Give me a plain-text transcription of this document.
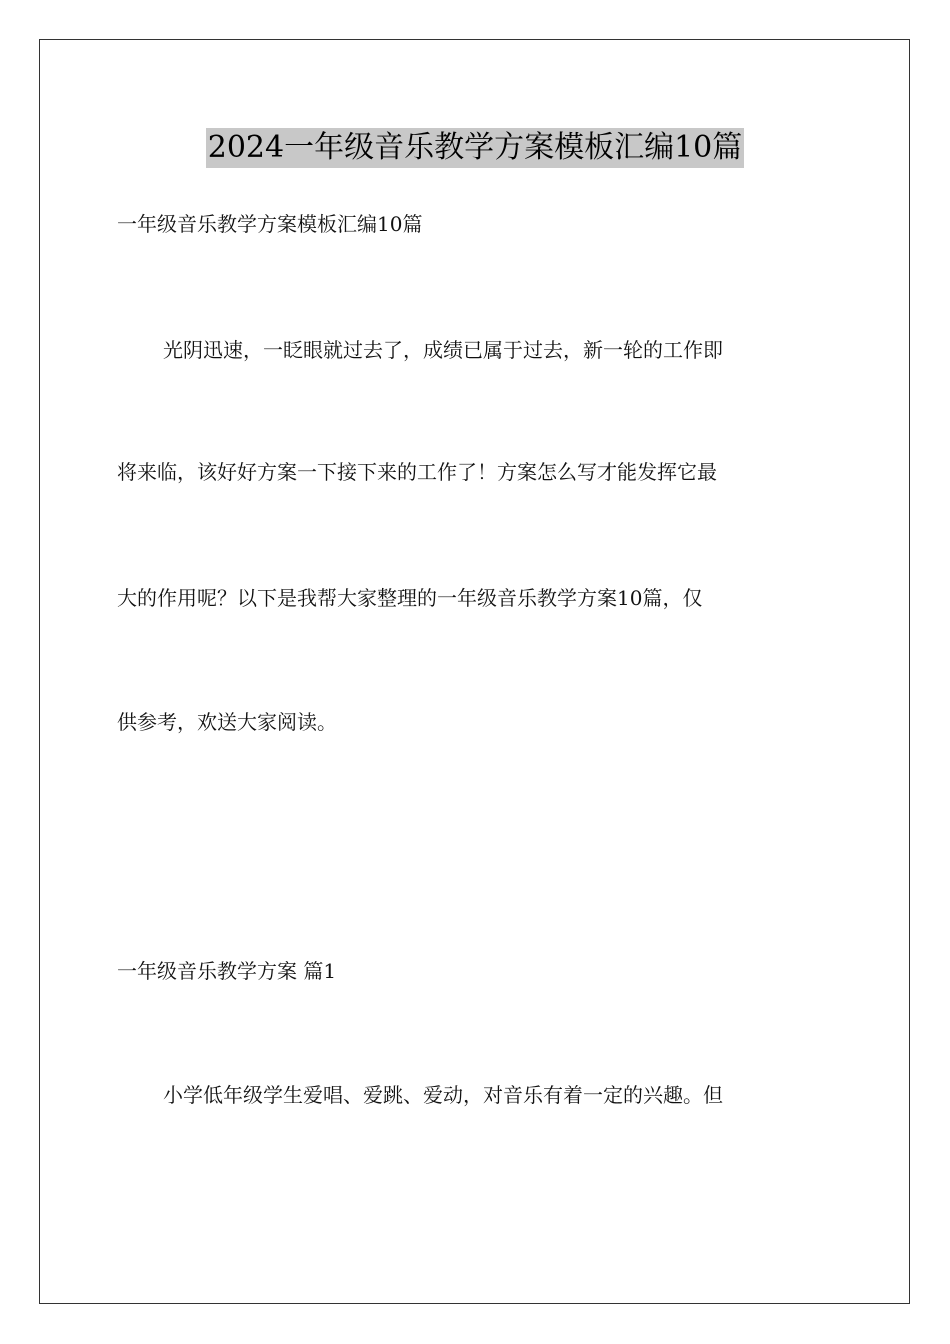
2024一年级音乐教学方案模板汇编10篇
一年级音乐教学方案模板汇编10篇
光阴迅速，一眨眼就过去了，成绩已属于过去，新一轮的工作即
将来临，该好好方案一下接下来的工作了！方案怎么写才能发挥它最
大的作用呢？以下是我帮大家整理的一年级音乐教学方案10篇，仅
供参考，欢送大家阅读。
一年级音乐教学方案 篇1
小学低年级学生爱唱、爱跳、爱动，对音乐有着一定的兴趣。但
